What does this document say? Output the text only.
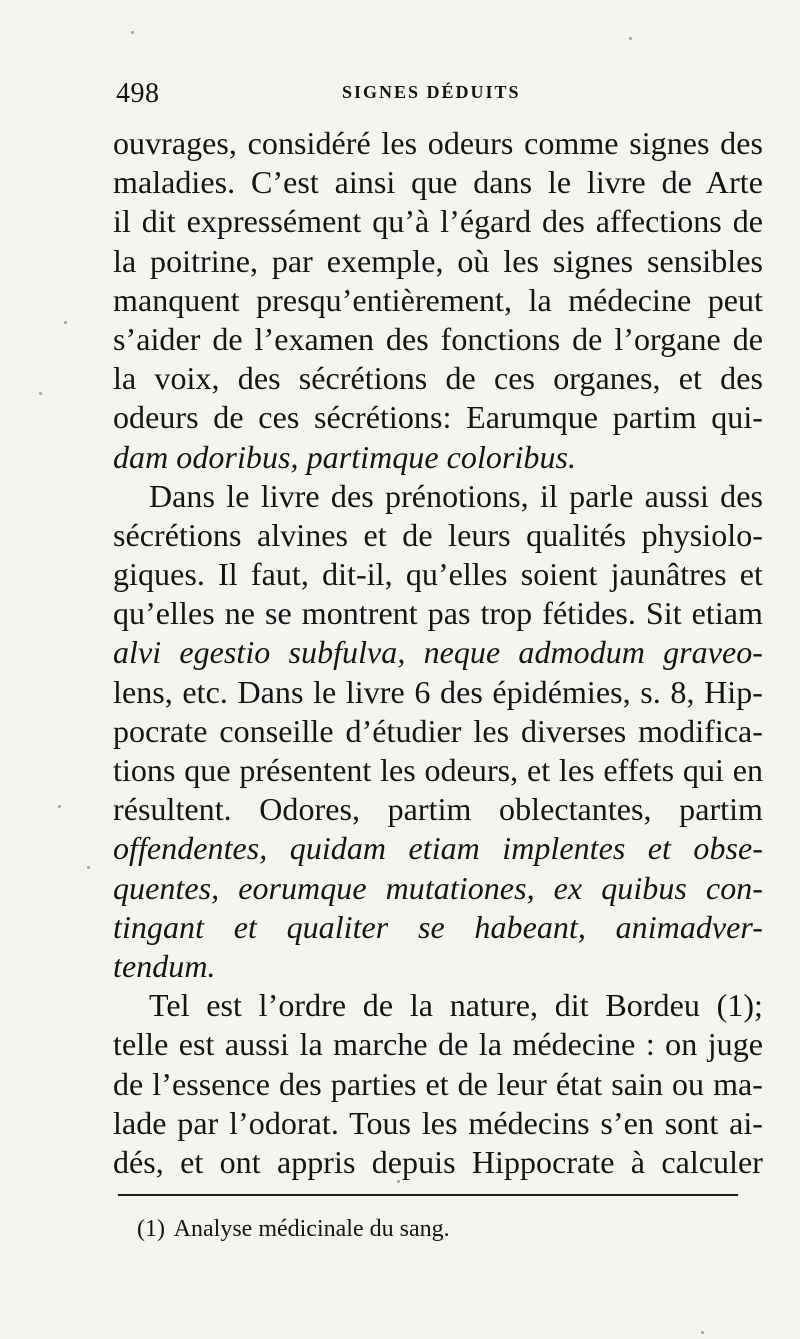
498	SIGNES DÉDUITS
ouvrages, considéré les odeurs comme signes des
maladies. C’est ainsi que dans le livre de Arte
il dit expressément qu’à l’égard des affections de
la poitrine, par exemple, où les signes sensibles
manquent presqu’entièrement, la médecine peut
s’aider de l’examen des fonctions de l’organe de
la voix, des sécrétions de ces organes, et des
odeurs de ces sécrétions: Earumque partim qui-
dam odoribus, partimque coloribus.
Dans le livre des prénotions, il parle aussi des
sécrétions alvines et de leurs qualités physiolo-
giques. Il faut, dit-il, qu’elles soient jaunâtres et
qu’elles ne se montrent pas trop fétides. Sit etiam
alvi egestio subfulva, neque admodum graveo-
lens, etc. Dans le livre 6 des épidémies, s. 8, Hip-
pocrate conseille d’étudier les diverses modifica-
tions que présentent les odeurs, et les effets qui en
résultent. Odores, partim oblectantes, partim
offendentes, quidam etiam implentes et obse-
quentes, eorumque mutationes, ex quibus con-
tingant et qualiter se habeant, animadver-
tendum.
Tel est l’ordre de la nature, dit Bordeu (1);
telle est aussi la marche de la médecine : on juge
de l’essence des parties et de leur état sain ou ma-
lade par l’odorat. Tous les médecins s’en sont ai-
dés, et ont appris depuis Hippocrate à calculer
(1) Analyse médicinale du sang.
